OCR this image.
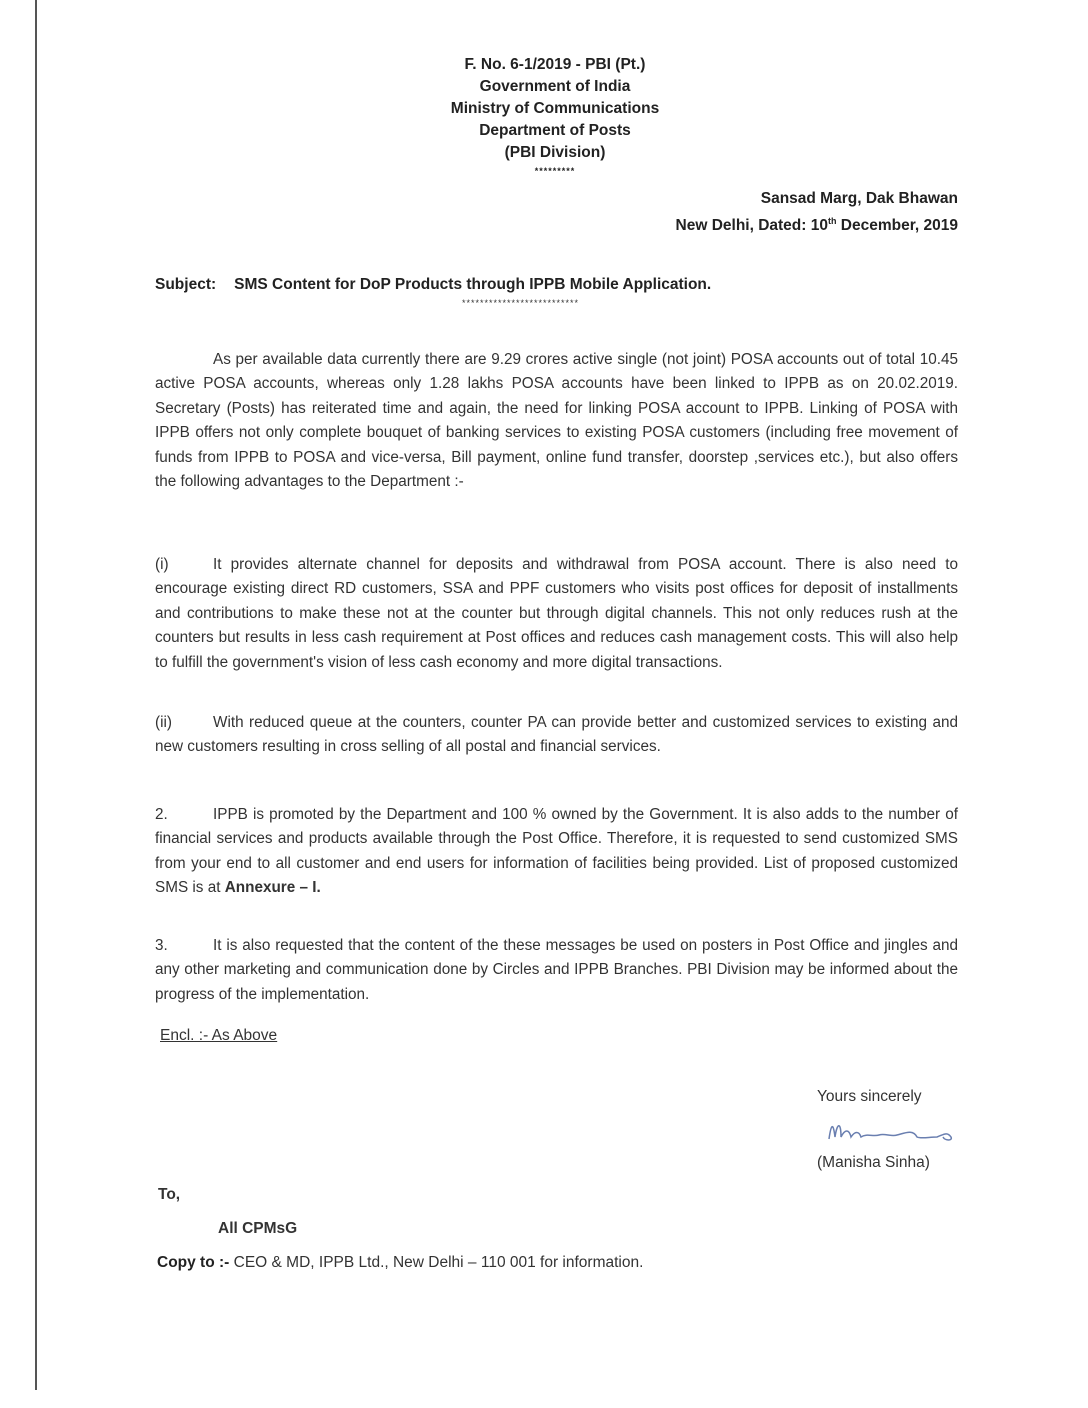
F. No. 6-1/2019 - PBI (Pt.)
Government of India
Ministry of Communications
Department of Posts
(PBI Division)
*********
Sansad Marg, Dak Bhawan
New Delhi, Dated: 10th December, 2019
Subject: SMS Content for DoP Products through IPPB Mobile Application.
**************************
As per available data currently there are 9.29 crores active single (not joint) POSA accounts out of total 10.45 active POSA accounts, whereas only 1.28 lakhs POSA accounts have been linked to IPPB as on 20.02.2019. Secretary (Posts) has reiterated time and again, the need for linking POSA account to IPPB. Linking of POSA with IPPB offers not only complete bouquet of banking services to existing POSA customers (including free movement of funds from IPPB to POSA and vice-versa, Bill payment, online fund transfer, doorstep ,services etc.), but also offers the following advantages to the Department :-
(i)	It provides alternate channel for deposits and withdrawal from POSA account. There is also need to encourage existing direct RD customers, SSA and PPF customers who visits post offices for deposit of installments and contributions to make these not at the counter but through digital channels. This not only reduces rush at the counters but results in less cash requirement at Post offices and reduces cash management costs. This will also help to fulfill the government's vision of less cash economy and more digital transactions.
(ii)	With reduced queue at the counters, counter PA can provide better and customized services to existing and new customers resulting in cross selling of all postal and financial services.
2.	IPPB is promoted by the Department and 100 % owned by the Government. It is also adds to the number of financial services and products available through the Post Office. Therefore, it is requested to send customized SMS from your end to all customer and end users for information of facilities being provided. List of proposed customized SMS is at Annexure – I.
3.	It is also requested that the content of the these messages be used on posters in Post Office and jingles and any other marketing and communication done by Circles and IPPB Branches. PBI Division may be informed about the progress of the implementation.
Encl. :- As Above
Yours sincerely
(Manisha Sinha)
To,
All CPMsG
Copy to :- CEO & MD, IPPB Ltd., New Delhi – 110 001 for information.
